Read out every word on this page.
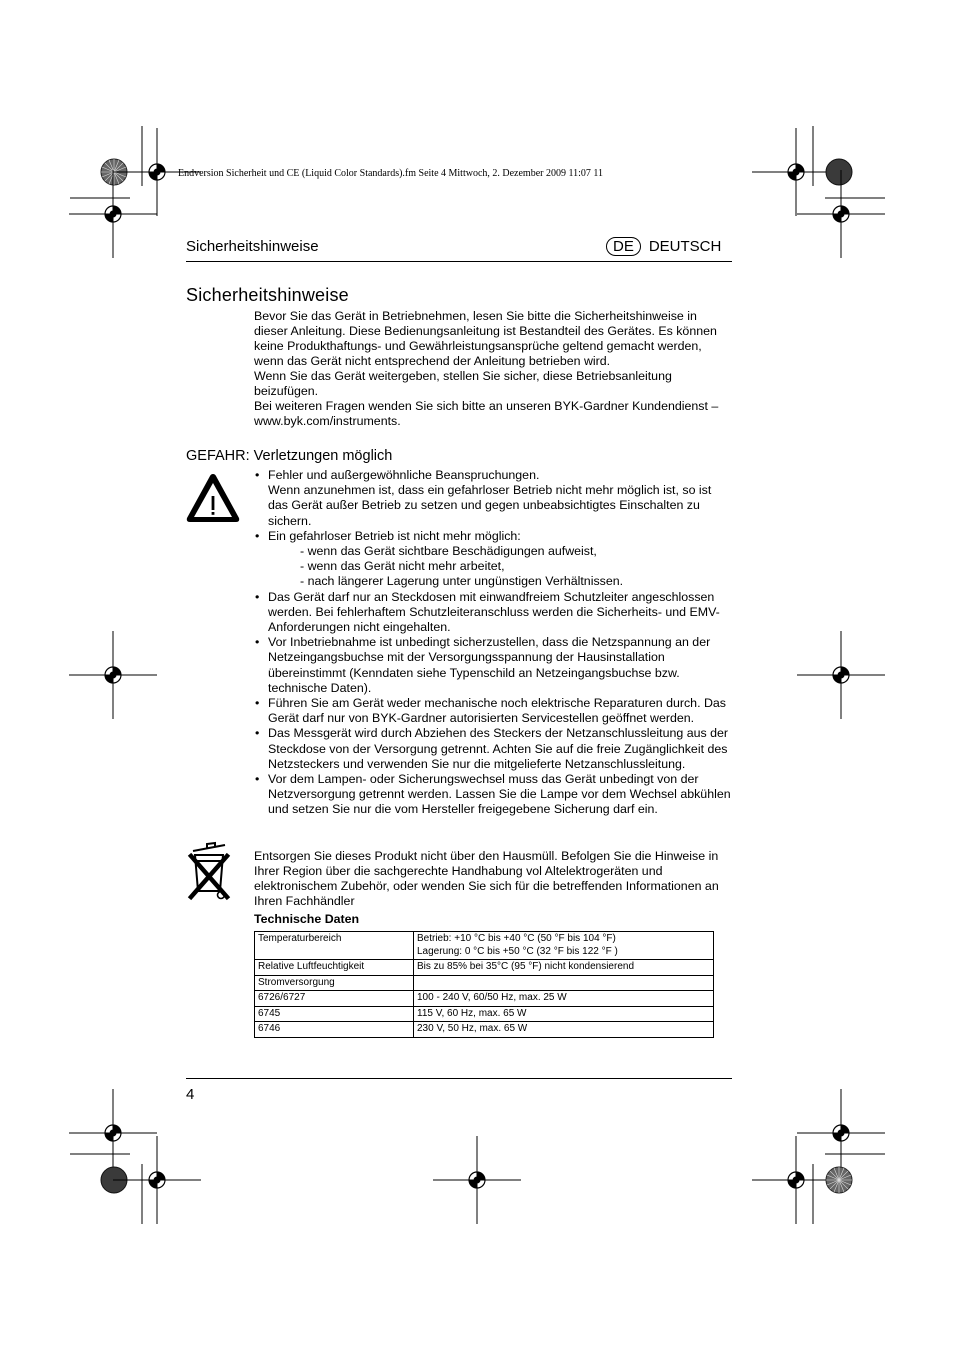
Endversion Sicherheit und CE (Liquid Color Standards).fm Seite 4 Mittwoch, 2. Dezember 2009 11:07 11
Sicherheitshinweise	DE	DEUTSCH
Sicherheitshinweise

Bevor Sie das Gerät in Betriebnehmen, lesen Sie bitte die Sicherheitshinweise in dieser Anleitung. Diese Bedienungsanleitung ist Bestandteil des Gerätes. Es können keine Produkthaftungs- und Gewährleistungsansprüche geltend gemacht werden, wenn das Gerät nicht entsprechend der Anleitung betrieben wird.

Wenn Sie das Gerät weitergeben, stellen Sie sicher, diese Betriebsanleitung beizufügen.

Bei weiteren Fragen wenden Sie sich bitte an unseren BYK-Gardner Kundendienst – www.byk.com/instruments.

GEFAHR: Verletzungen möglich
• Fehler und außergewöhnliche Beanspruchungen.
Wenn anzunehmen ist, dass ein gefahrloser Betrieb nicht mehr möglich ist, so ist das Gerät außer Betrieb zu setzen und gegen unbeabsichtigtes Einschalten zu sichern.
• Ein gefahrloser Betrieb ist nicht mehr möglich:
- wenn das Gerät sichtbare Beschädigungen aufweist,
- wenn das Gerät nicht mehr arbeitet,
- nach längerer Lagerung unter ungünstigen Verhältnissen.
• Das Gerät darf nur an Steckdosen mit einwandfreiem Schutzleiter angeschlossen werden. Bei fehlerhaftem Schutzleiteranschluss werden die Sicherheits- und EMV-Anforderungen nicht eingehalten.
• Vor Inbetriebnahme ist unbedingt sicherzustellen, dass die Netzspannung an der Netzeingangsbuchse mit der Versorgungsspannung der Hausinstallation übereinstimmt (Kenndaten siehe Typenschild an Netzeingangsbuchse bzw. technische Daten).
• Führen Sie am Gerät weder mechanische noch elektrische Reparaturen durch. Das Gerät darf nur von BYK-Gardner autorisierten Servicestellen geöffnet werden.
• Das Messgerät wird durch Abziehen des Steckers der Netzanschlussleitung aus der Steckdose von der Versorgung getrennt. Achten Sie auf die freie Zugänglichkeit des Netzsteckers und verwenden Sie nur die mitgelieferte Netzanschlussleitung.
• Vor dem Lampen- oder Sicherungswechsel muss das Gerät unbedingt von der Netzversorgung getrennt werden. Lassen Sie die Lampe vor dem Wechsel abkühlen und setzen Sie nur die vom Hersteller freigegebene Sicherung darf ein.
Entsorgen Sie dieses Produkt nicht über den Hausmüll. Befolgen Sie die Hinweise in Ihrer Region über die sachgerechte Handhabung vol Altelektrogeräten und elektronischem Zubehör, oder wenden Sie sich für die betreffenden Informationen an Ihren Fachhändler
Technische Daten
Temperaturbereich	Betrieb: +10 °C bis +40 °C (50 °F bis 104 °F)
Lagerung: 0 °C bis +50 °C (32 °F bis 122 °F )

Relative Luftfeuchtigkeit	Bis zu 85% bei 35°C (95 °F) nicht kondensierend
Stromversorgung	
6726/6727	100 - 240 V, 60/50 Hz, max. 25 W
6745	115 V, 60 Hz, max. 65 W
6746	230 V, 50 Hz, max. 65 W
4
